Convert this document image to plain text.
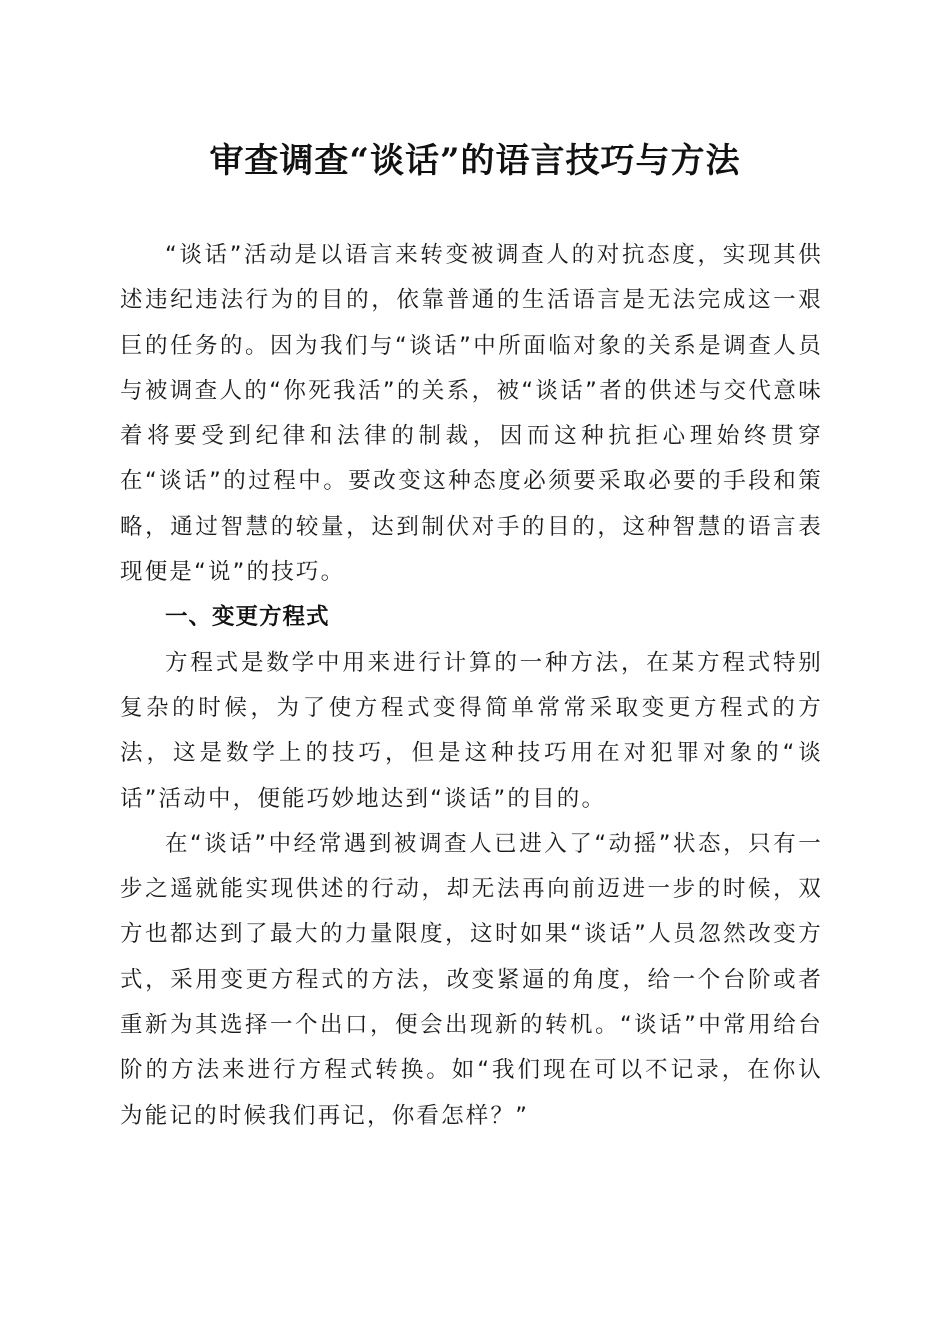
审查调查“谈话”的语言技巧与方法

“谈话”活动是以语言来转变被调查人的对抗态度，实现其供述违纪违法行为的目的，依靠普通的生活语言是无法完成这一艰巨的任务的。因为我们与“谈话”中所面临对象的关系是调查人员与被调查人的“你死我活”的关系，被“谈话”者的供述与交代意味着将要受到纪律和法律的制裁，因而这种抗拒心理始终贯穿在“谈话”的过程中。要改变这种态度必须要采取必要的手段和策略，通过智慧的较量，达到制伏对手的目的，这种智慧的语言表现便是“说”的技巧。

一、变更方程式

方程式是数学中用来进行计算的一种方法，在某方程式特别复杂的时候，为了使方程式变得简单常常采取变更方程式的方法，这是数学上的技巧，但是这种技巧用在对犯罪对象的“谈话”活动中，便能巧妙地达到“谈话”的目的。

在“谈话”中经常遇到被调查人已进入了“动摇”状态，只有一步之遥就能实现供述的行动，却无法再向前迈进一步的时候，双方也都达到了最大的力量限度，这时如果“谈话”人员忽然改变方式，采用变更方程式的方法，改变紧逼的角度，给一个台阶或者重新为其选择一个出口，便会出现新的转机。“谈话”中常用给台阶的方法来进行方程式转换。如“我们现在可以不记录，在你认为能记的时候我们再记，你看怎样？”
